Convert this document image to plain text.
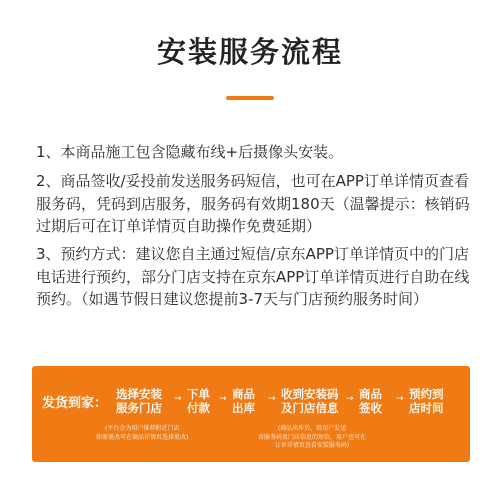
安装服务流程
1、本商品施工包含隐藏布线+后摄像头安装。
2、商品签收/妥投前发送服务码短信，也可在APP订单详情页查看服务码，凭码到店服务，服务码有效期180天（温馨提示：核销码过期后可在订单详情页自助操作免费延期）
3、预约方式：建议您自主通过短信/京东APP订单详情页中的门店电话进行预约，部分门店支持在京东APP订单详情页进行自助在线预约。（如遇节假日建议您提前3-7天与门店预约服务时间）
发货到家：
选择安装
服务门店
→ 下单
付款
→ 商品
出库
→ 收到安装码
及门店信息
→ 商品
签收
→ 预约到
店时间
(平台会为用户推荐附近门店
如需更改可在商品详情页选择更改)
(商品出库后，给用户发送
含服务码及门店信息的短信，用户也可在
订单详情页查看安装服务码)
